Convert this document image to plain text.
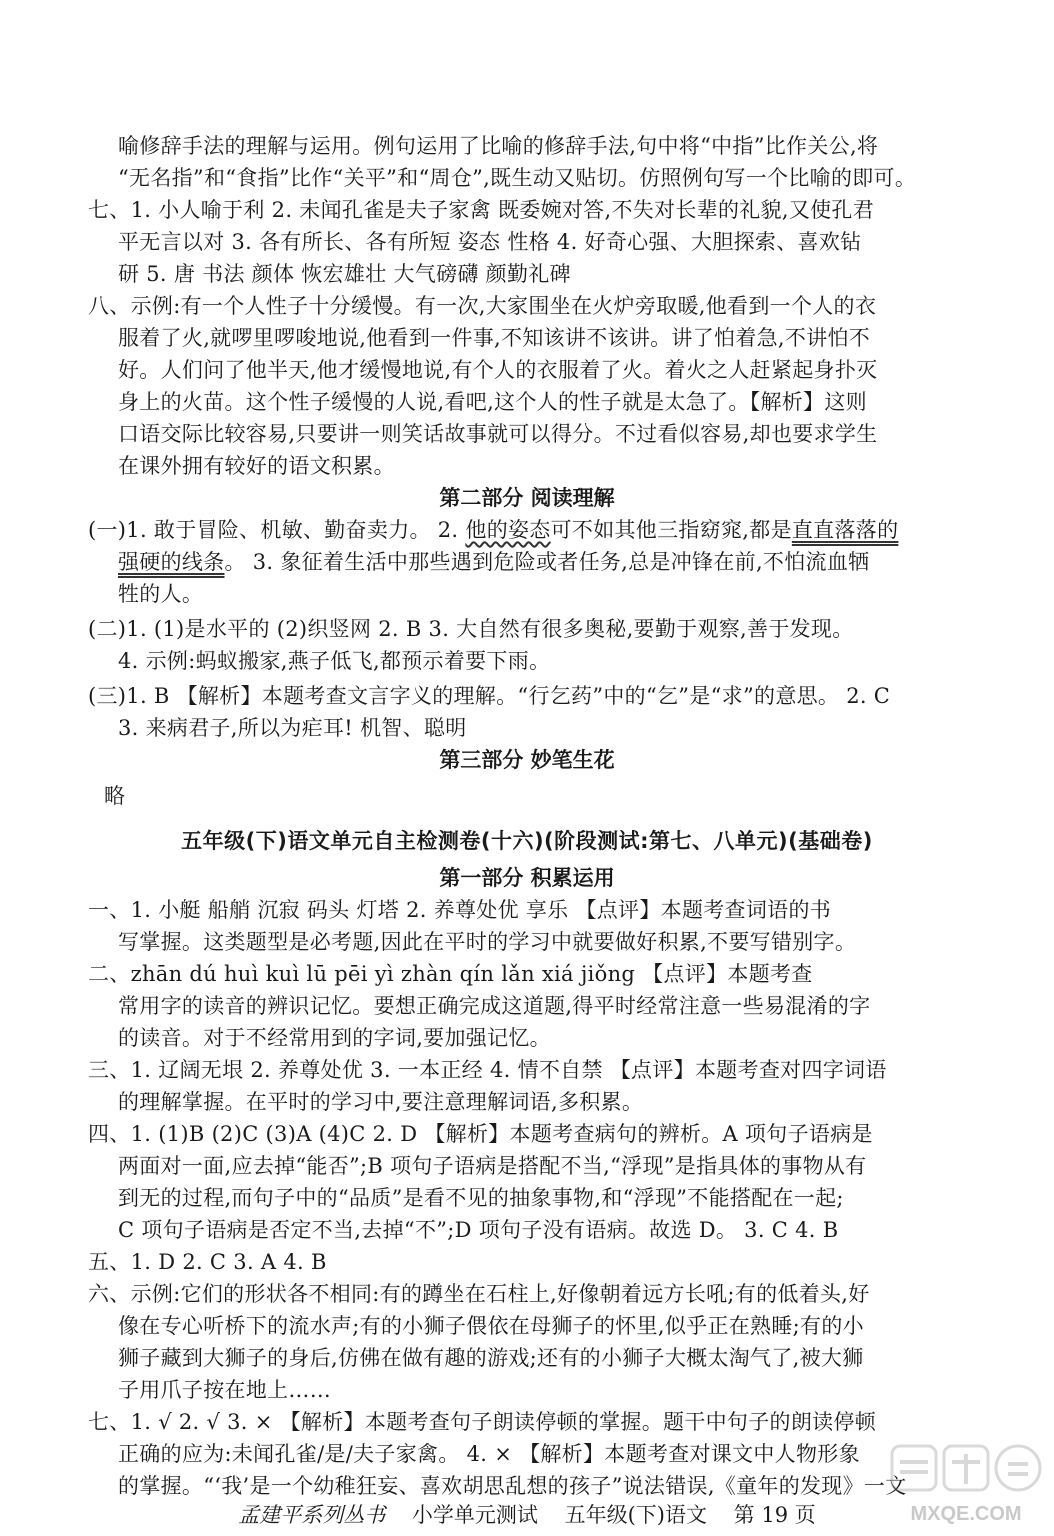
喻修辞手法的理解与运用。例句运用了比喻的修辞手法,句中将“中指”比作关公,将
“无名指”和“食指”比作“关平”和“周仓”,既生动又贴切。仿照例句写一个比喻的即可。
七、1. 小人喻于利 2. 未闻孔雀是夫子家禽 既委婉对答,不失对长辈的礼貌,又使孔君
平无言以对 3. 各有所长、各有所短 姿态 性格 4. 好奇心强、大胆探索、喜欢钻
研 5. 唐 书法 颜体 恢宏雄壮 大气磅礴 颜勤礼碑
八、示例:有一个人性子十分缓慢。有一次,大家围坐在火炉旁取暖,他看到一个人的衣
服着了火,就啰里啰唆地说,他看到一件事,不知该讲不该讲。讲了怕着急,不讲怕不
好。人们问了他半天,他才缓慢地说,有个人的衣服着了火。着火之人赶紧起身扑灭
身上的火苗。这个性子缓慢的人说,看吧,这个人的性子就是太急了。【解析】这则
口语交际比较容易,只要讲一则笑话故事就可以得分。不过看似容易,却也要求学生
在课外拥有较好的语文积累。
第二部分 阅读理解
(一)1. 敢于冒险、机敏、勤奋卖力。 2. 他的姿态可不如其他三指窈窕,都是直直落落的
强硬的线条。 3. 象征着生活中那些遇到危险或者任务,总是冲锋在前,不怕流血牺
牲的人。
(二)1. (1)是水平的 (2)织竖网 2. B 3. 大自然有很多奥秘,要勤于观察,善于发现。
4. 示例:蚂蚁搬家,燕子低飞,都预示着要下雨。
(三)1. B 【解析】本题考查文言字义的理解。“行乞药”中的“乞”是“求”的意思。 2. C
3. 来病君子,所以为疟耳! 机智、聪明
第三部分 妙笔生花
略
五年级(下)语文单元自主检测卷(十六)(阶段测试:第七、八单元)(基础卷)
第一部分 积累运用
一、1. 小艇 船艄 沉寂 码头 灯塔 2. 养尊处优 享乐 【点评】本题考查词语的书
写掌握。这类题型是必考题,因此在平时的学习中就要做好积累,不要写错别字。
二、zhān dú huì kuì lū pēi yì zhàn qín lǎn xiá jiǒng 【点评】本题考查
常用字的读音的辨识记忆。要想正确完成这道题,得平时经常注意一些易混淆的字
的读音。对于不经常用到的字词,要加强记忆。
三、1. 辽阔无垠 2. 养尊处优 3. 一本正经 4. 情不自禁 【点评】本题考查对四字词语
的理解掌握。在平时的学习中,要注意理解词语,多积累。
四、1. (1)B (2)C (3)A (4)C 2. D 【解析】本题考查病句的辨析。A 项句子语病是
两面对一面,应去掉“能否”;B 项句子语病是搭配不当,“浮现”是指具体的事物从有
到无的过程,而句子中的“品质”是看不见的抽象事物,和“浮现”不能搭配在一起;
C 项句子语病是否定不当,去掉“不”;D 项句子没有语病。故选 D。 3. C 4. B
五、1. D 2. C 3. A 4. B
六、示例:它们的形状各不相同:有的蹲坐在石柱上,好像朝着远方长吼;有的低着头,好
像在专心听桥下的流水声;有的小狮子偎依在母狮子的怀里,似乎正在熟睡;有的小
狮子藏到大狮子的身后,仿佛在做有趣的游戏;还有的小狮子大概太淘气了,被大狮
子用爪子按在地上……
七、1. √ 2. √ 3. × 【解析】本题考查句子朗读停顿的掌握。题干中句子的朗读停顿
正确的应为:未闻孔雀/是/夫子家禽。 4. × 【解析】本题考查对课文中人物形象
的掌握。“‘我’是一个幼稚狂妄、喜欢胡思乱想的孩子”说法错误,《童年的发现》一文
孟建平系列丛书 小学单元测试 五年级(下)语文 第 19 页	MXQE.COM
